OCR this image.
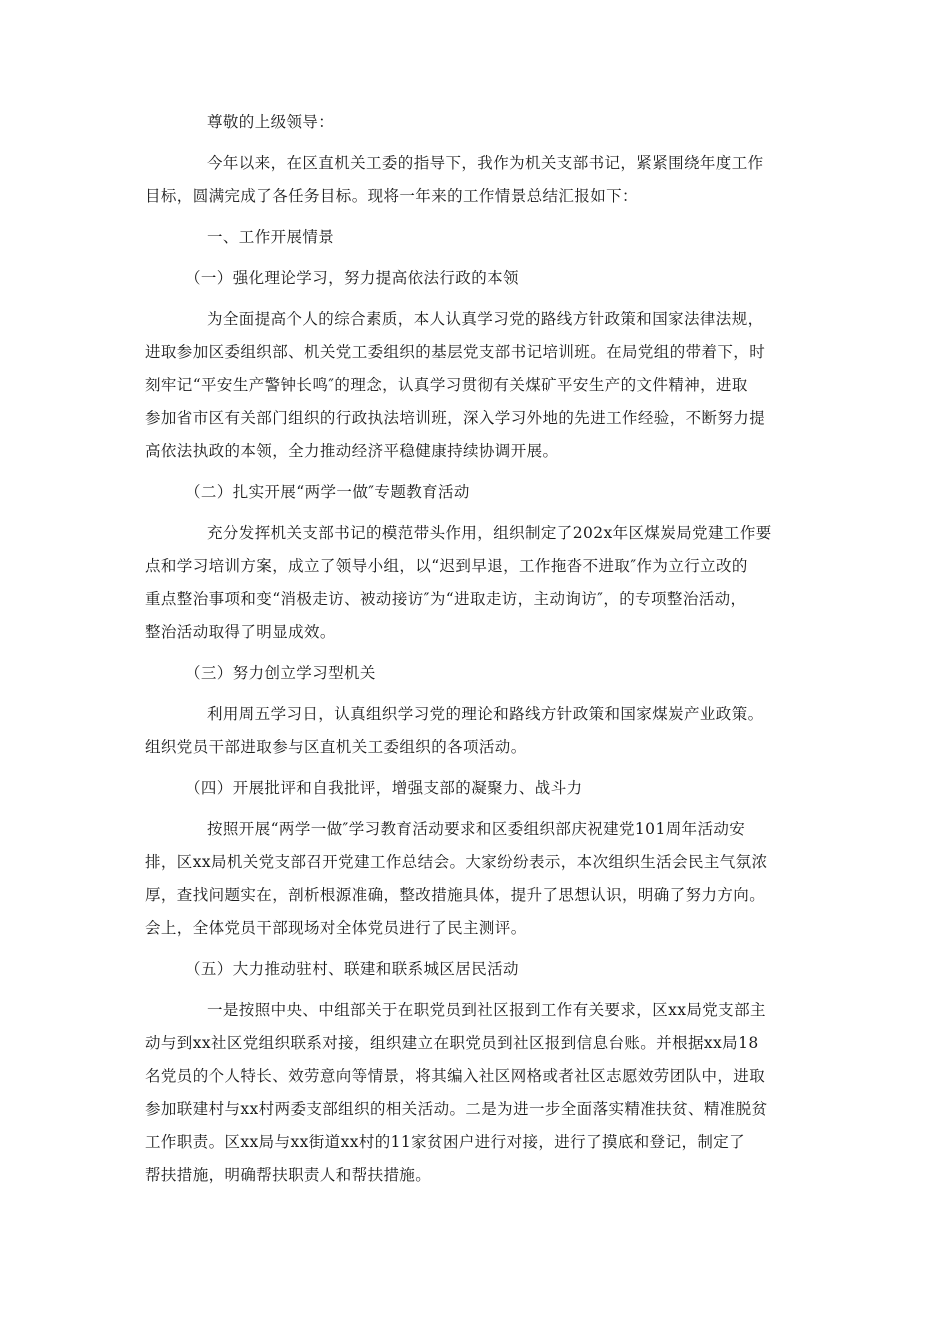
尊敬的上级领导：
今年以来，在区直机关工委的指导下，我作为机关支部书记，紧紧围绕年度工作
目标，圆满完成了各任务目标。现将一年来的工作情景总结汇报如下：
一、工作开展情景
（一）强化理论学习，努力提高依法行政的本领
为全面提高个人的综合素质，本人认真学习党的路线方针政策和国家法律法规，
进取参加区委组织部、机关党工委组织的基层党支部书记培训班。在局党组的带着下，时
刻牢记“平安生产警钟长鸣″的理念，认真学习贯彻有关煤矿平安生产的文件精神，进取
参加省市区有关部门组织的行政执法培训班，深入学习外地的先进工作经验，不断努力提
高依法执政的本领，全力推动经济平稳健康持续协调开展。
（二）扎实开展“两学一做″专题教育活动
充分发挥机关支部书记的模范带头作用，组织制定了202x年区煤炭局党建工作要
点和学习培训方案，成立了领导小组，以“迟到早退，工作拖沓不进取″作为立行立改的
重点整治事项和变“消极走访、被动接访″为“进取走访，主动询访″，的专项整治活动，
整治活动取得了明显成效。
（三）努力创立学习型机关
利用周五学习日，认真组织学习党的理论和路线方针政策和国家煤炭产业政策。
组织党员干部进取参与区直机关工委组织的各项活动。
（四）开展批评和自我批评，增强支部的凝聚力、战斗力
按照开展“两学一做″学习教育活动要求和区委组织部庆祝建党101周年活动安
排，区xx局机关党支部召开党建工作总结会。大家纷纷表示，本次组织生活会民主气氛浓
厚，查找问题实在，剖析根源准确，整改措施具体，提升了思想认识，明确了努力方向。
会上，全体党员干部现场对全体党员进行了民主测评。
（五）大力推动驻村、联建和联系城区居民活动
一是按照中央、中组部关于在职党员到社区报到工作有关要求，区xx局党支部主
动与到xx社区党组织联系对接，组织建立在职党员到社区报到信息台账。并根据xx局18
名党员的个人特长、效劳意向等情景，将其编入社区网格或者社区志愿效劳团队中，进取
参加联建村与xx村两委支部组织的相关活动。二是为进一步全面落实精准扶贫、精准脱贫
工作职责。区xx局与xx街道xx村的11家贫困户进行对接，进行了摸底和登记，制定了
帮扶措施，明确帮扶职责人和帮扶措施。
